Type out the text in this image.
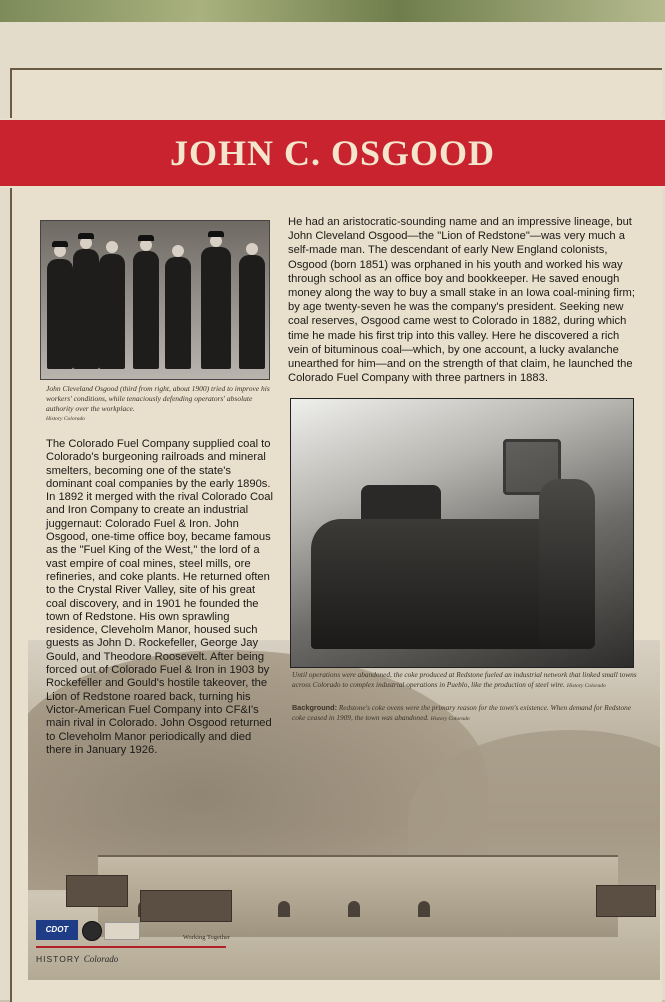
JOHN C. OSGOOD
John Cleveland Osgood (third from right, about 1900) tried to improve his workers' conditions, while tenaciously defending operators' absolute authority over the workplace.
History Colorado

He had an aristocratic-sounding name and an impressive lineage, but John Cleveland Osgood—the "Lion of Redstone"—was very much a self-made man. The descendant of early New England colonists, Osgood (born 1851) was orphaned in his youth and worked his way through school as an office boy and bookkeeper. He saved enough money along the way to buy a small stake in an Iowa coal-mining firm; by age twenty-seven he was the company's president. Seeking new coal reserves, Osgood came west to Colorado in 1882, during which time he made his first trip into this valley. Here he discovered a rich vein of bituminous coal—which, by one account, a lucky avalanche unearthed for him—and on the strength of that claim, he launched the Colorado Fuel Company with three partners in 1883.

Until operations were abandoned, the coke produced at Redstone fueled an industrial network that linked small towns across Colorado to complex industrial operations in Pueblo, like the production of steel wire. History Colorado

Background: Redstone's coke ovens were the primary reason for the town's existence. When demand for Redstone coke ceased in 1909, the town was abandoned. History Colorado

The Colorado Fuel Company supplied coal to Colorado's burgeoning railroads and mineral smelters, becoming one of the state's dominant coal companies by the early 1890s. In 1892 it merged with the rival Colorado Coal and Iron Company to create an industrial juggernaut: Colorado Fuel & Iron. John Osgood, one-time office boy, became famous as the "Fuel King of the West," the lord of a vast empire of coal mines, steel mills, ore refineries, and coke plants. He returned often to the Crystal River Valley, site of his great coal discovery, and in 1901 he founded the town of Redstone. His own sprawling residence, Cleveholm Manor, housed such guests as John D. Rockefeller, George Jay Gould, and Theodore Roosevelt. After being forced out of Colorado Fuel & Iron in 1903 by Rockefeller and Gould's hostile takeover, the Lion of Redstone roared back, turning his Victor-American Fuel Company into CF&I's main rival in Colorado. John Osgood returned to Cleveholm Manor periodically and died there in January 1926.

CDOT
Working Together
HISTORY Colorado
